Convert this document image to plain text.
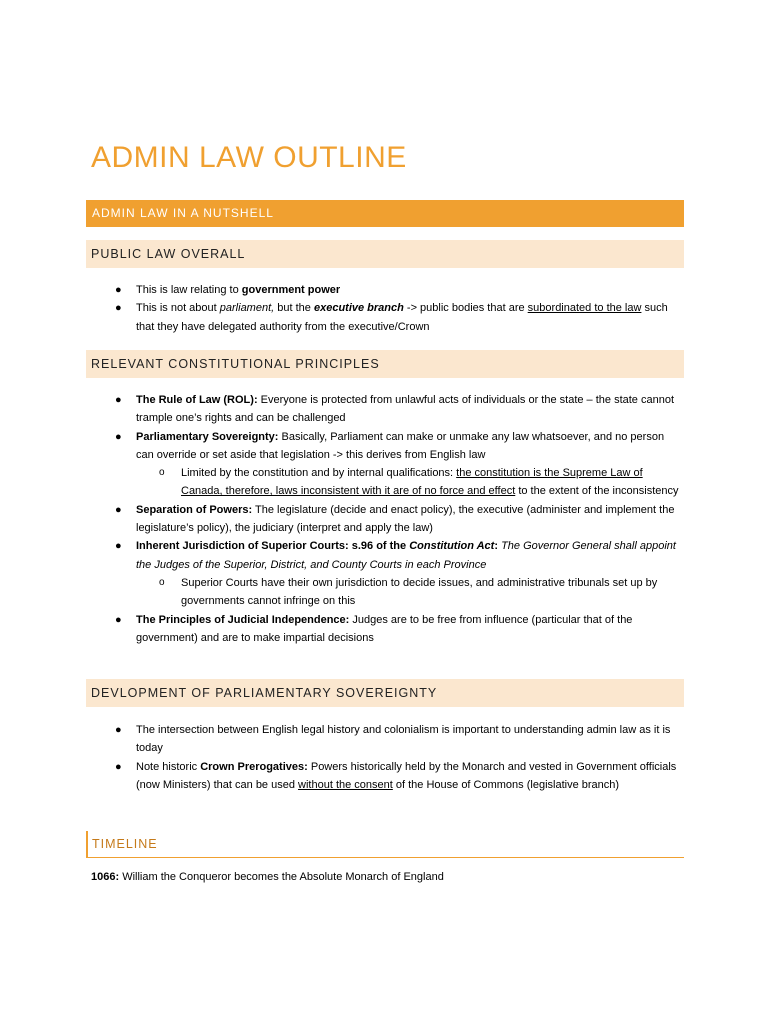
ADMIN LAW OUTLINE
ADMIN LAW IN A NUTSHELL
PUBLIC LAW OVERALL
● This is law relating to government power
● This is not about parliament, but the executive branch -> public bodies that are subordinated to the law such that they have delegated authority from the executive/Crown
RELEVANT CONSTITUTIONAL PRINCIPLES
● The Rule of Law (ROL): Everyone is protected from unlawful acts of individuals or the state – the state cannot trample one’s rights and can be challenged
● Parliamentary Sovereignty: Basically, Parliament can make or unmake any law whatsoever, and no person can override or set aside that legislation -> this derives from English law
o Limited by the constitution and by internal qualifications: the constitution is the Supreme Law of Canada, therefore, laws inconsistent with it are of no force and effect to the extent of the inconsistency
● Separation of Powers: The legislature (decide and enact policy), the executive (administer and implement the legislature’s policy), the judiciary (interpret and apply the law)
● Inherent Jurisdiction of Superior Courts: s.96 of the Constitution Act: The Governor General shall appoint the Judges of the Superior, District, and County Courts in each Province
o Superior Courts have their own jurisdiction to decide issues, and administrative tribunals set up by governments cannot infringe on this
● The Principles of Judicial Independence: Judges are to be free from influence (particular that of the government) and are to make impartial decisions
DEVLOPMENT OF PARLIAMENTARY SOVEREIGNTY
● The intersection between English legal history and colonialism is important to understanding admin law as it is today
● Note historic Crown Prerogatives: Powers historically held by the Monarch and vested in Government officials (now Ministers) that can be used without the consent of the House of Commons (legislative branch)
TIMELINE
1066: William the Conqueror becomes the Absolute Monarch of England
